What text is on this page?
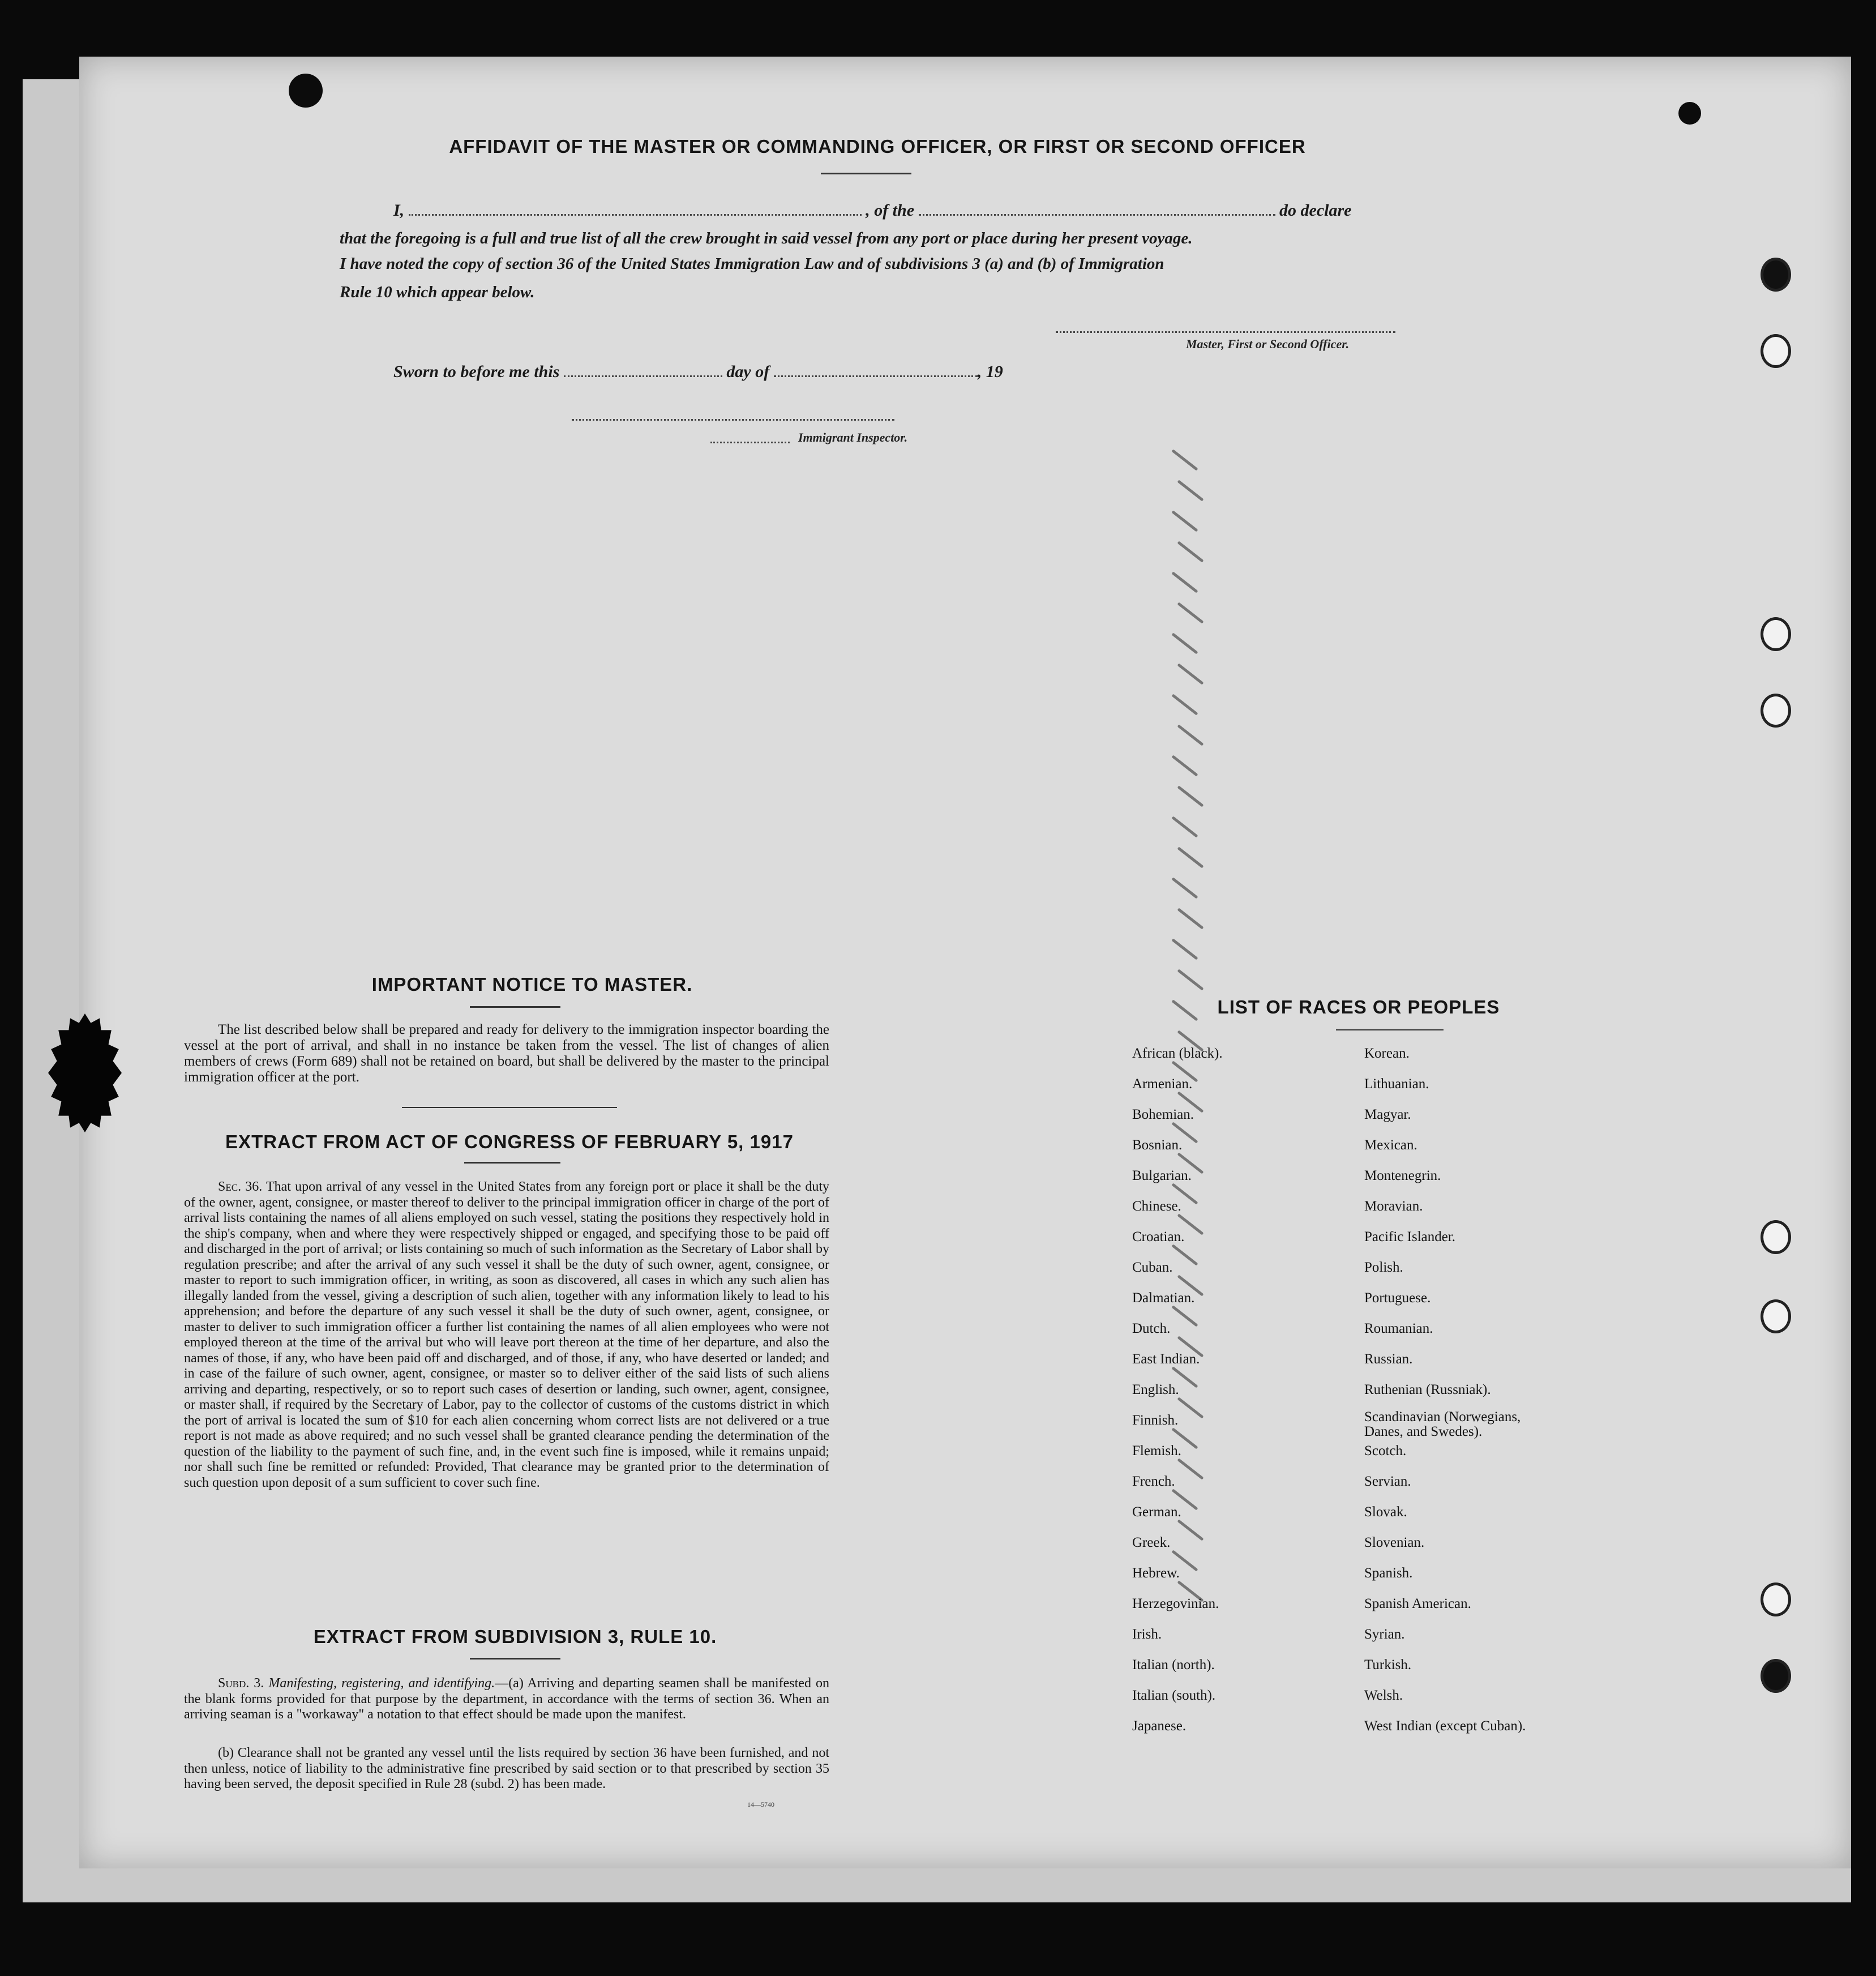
AFFIDAVIT OF THE MASTER OR COMMANDING OFFICER, OR FIRST OR SECOND OFFICER
I,	, of the	do declare
that the foregoing is a full and true list of all the crew brought in said vessel from any port or place during her present voyage.
I have noted the copy of section 36 of the United States Immigration Law and of subdivisions 3 (a) and (b) of Immigration
Rule 10 which appear below.
Master, First or Second Officer.
Sworn to before me this	day of	, 19
Immigrant Inspector.
IMPORTANT NOTICE TO MASTER.
The list described below shall be prepared and ready for delivery to the immigration inspector boarding the vessel at the port of arrival, and shall in no instance be taken from the vessel. The list of changes of alien members of crews (Form 689) shall not be retained on board, but shall be delivered by the master to the principal immigration officer at the port.
EXTRACT FROM ACT OF CONGRESS OF FEBRUARY 5, 1917
Sec. 36. That upon arrival of any vessel in the United States from any foreign port or place it shall be the duty of the owner, agent, consignee, or master thereof to deliver to the principal immigration officer in charge of the port of arrival lists containing the names of all aliens employed on such vessel, stating the positions they respectively hold in the ship's company, when and where they were respectively shipped or engaged, and specifying those to be paid off and discharged in the port of arrival; or lists containing so much of such information as the Secretary of Labor shall by regulation prescribe; and after the arrival of any such vessel it shall be the duty of such owner, agent, consignee, or master to report to such immigration officer, in writing, as soon as discovered, all cases in which any such alien has illegally landed from the vessel, giving a description of such alien, together with any information likely to lead to his apprehension; and before the departure of any such vessel it shall be the duty of such owner, agent, consignee, or master to deliver to such immigration officer a further list containing the names of all alien employees who were not employed thereon at the time of the arrival but who will leave port thereon at the time of her departure, and also the names of those, if any, who have been paid off and discharged, and of those, if any, who have deserted or landed; and in case of the failure of such owner, agent, consignee, or master so to deliver either of the said lists of such aliens arriving and departing, respectively, or so to report such cases of desertion or landing, such owner, agent, consignee, or master shall, if required by the Secretary of Labor, pay to the collector of customs of the customs district in which the port of arrival is located the sum of $10 for each alien concerning whom correct lists are not delivered or a true report is not made as above required; and no such vessel shall be granted clearance pending the determination of the question of the liability to the payment of such fine, and, in the event such fine is imposed, while it remains unpaid; nor shall such fine be remitted or refunded: Provided, That clearance may be granted prior to the determination of such question upon deposit of a sum sufficient to cover such fine.
EXTRACT FROM SUBDIVISION 3, RULE 10.
Subd. 3. Manifesting, registering, and identifying.—(a) Arriving and departing seamen shall be manifested on the blank forms provided for that purpose by the department, in accordance with the terms of section 36. When an arriving seaman is a "workaway" a notation to that effect should be made upon the manifest.
(b) Clearance shall not be granted any vessel until the lists required by section 36 have been furnished, and not then unless, notice of liability to the administrative fine prescribed by said section or to that prescribed by section 35 having been served, the deposit specified in Rule 28 (subd. 2) has been made.
14—5740
LIST OF RACES OR PEOPLES
African (black).
Armenian.
Bohemian.
Bosnian.
Bulgarian.
Chinese.
Croatian.
Cuban.
Dalmatian.
Dutch.
East Indian.
English.
Finnish.
Flemish.
French.
German.
Greek.
Hebrew.
Herzegovinian.
Irish.
Italian (north).
Italian (south).
Japanese.
Korean.
Lithuanian.
Magyar.
Mexican.
Montenegrin.
Moravian.
Pacific Islander.
Polish.
Portuguese.
Roumanian.
Russian.
Ruthenian (Russniak).
Scandinavian (Norwegians, Danes, and Swedes).
Scotch.
Servian.
Slovak.
Slovenian.
Spanish.
Spanish American.
Syrian.
Turkish.
Welsh.
West Indian (except Cuban).
